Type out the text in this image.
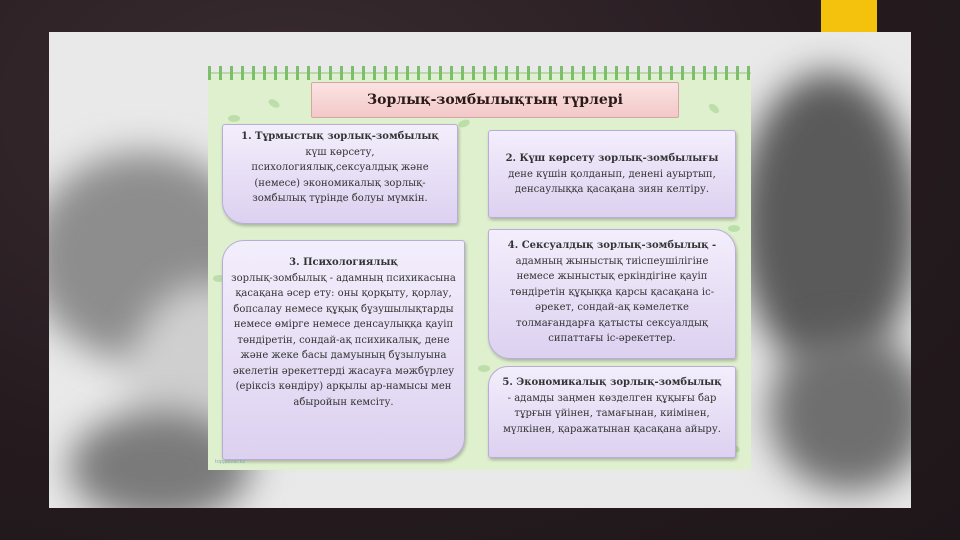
Зорлық-зомбылықтың түрлері
1. Тұрмыстық зорлық-зомбылық
күш көрсету, психологиялық,сексуалдық және (немесе) экономикалық зорлық-зомбылық түрінде болуы мүмкін.
2. Күш көрсету зорлық-зомбылығы
дене күшін қолданып, денені ауыртып, денсаулыққа қасақана зиян келтіру.
3. Психологиялық
зорлық-зомбылық - адамның психикасына қасақана әсер ету: оны қорқыту, қорлау, бопсалау немесе құқық бұзушылықтарды немесе өмірге немесе денсаулыққа қауіп төндіретін, сондай-ақ психикалық, дене және жеке басы дамуының бұзылуына әкелетін әрекеттерді жасауға мәжбүрлеу (еріксіз көндіру) арқылы ар-намысы мен абыройын кемсіту.
4. Сексуалдық зорлық-зомбылық -
адамның жыныстық тиіспеушілігіне немесе жыныстық еркіндігіне қауіп төндіретін құқыққа қарсы қасақана іс-әрекет, сондай-ақ кәмелетке толмағандарға қатысты сексуалдық сипаттағы іс-әрекеттер.
5. Экономикалық зорлық-зомбылық
- адамды заңмен көзделген құқығы бар тұрғын үйінен, тамағынан, киімінен, мүлкінен, қаражатынан қасақана айыру.
topjasvar.kz
